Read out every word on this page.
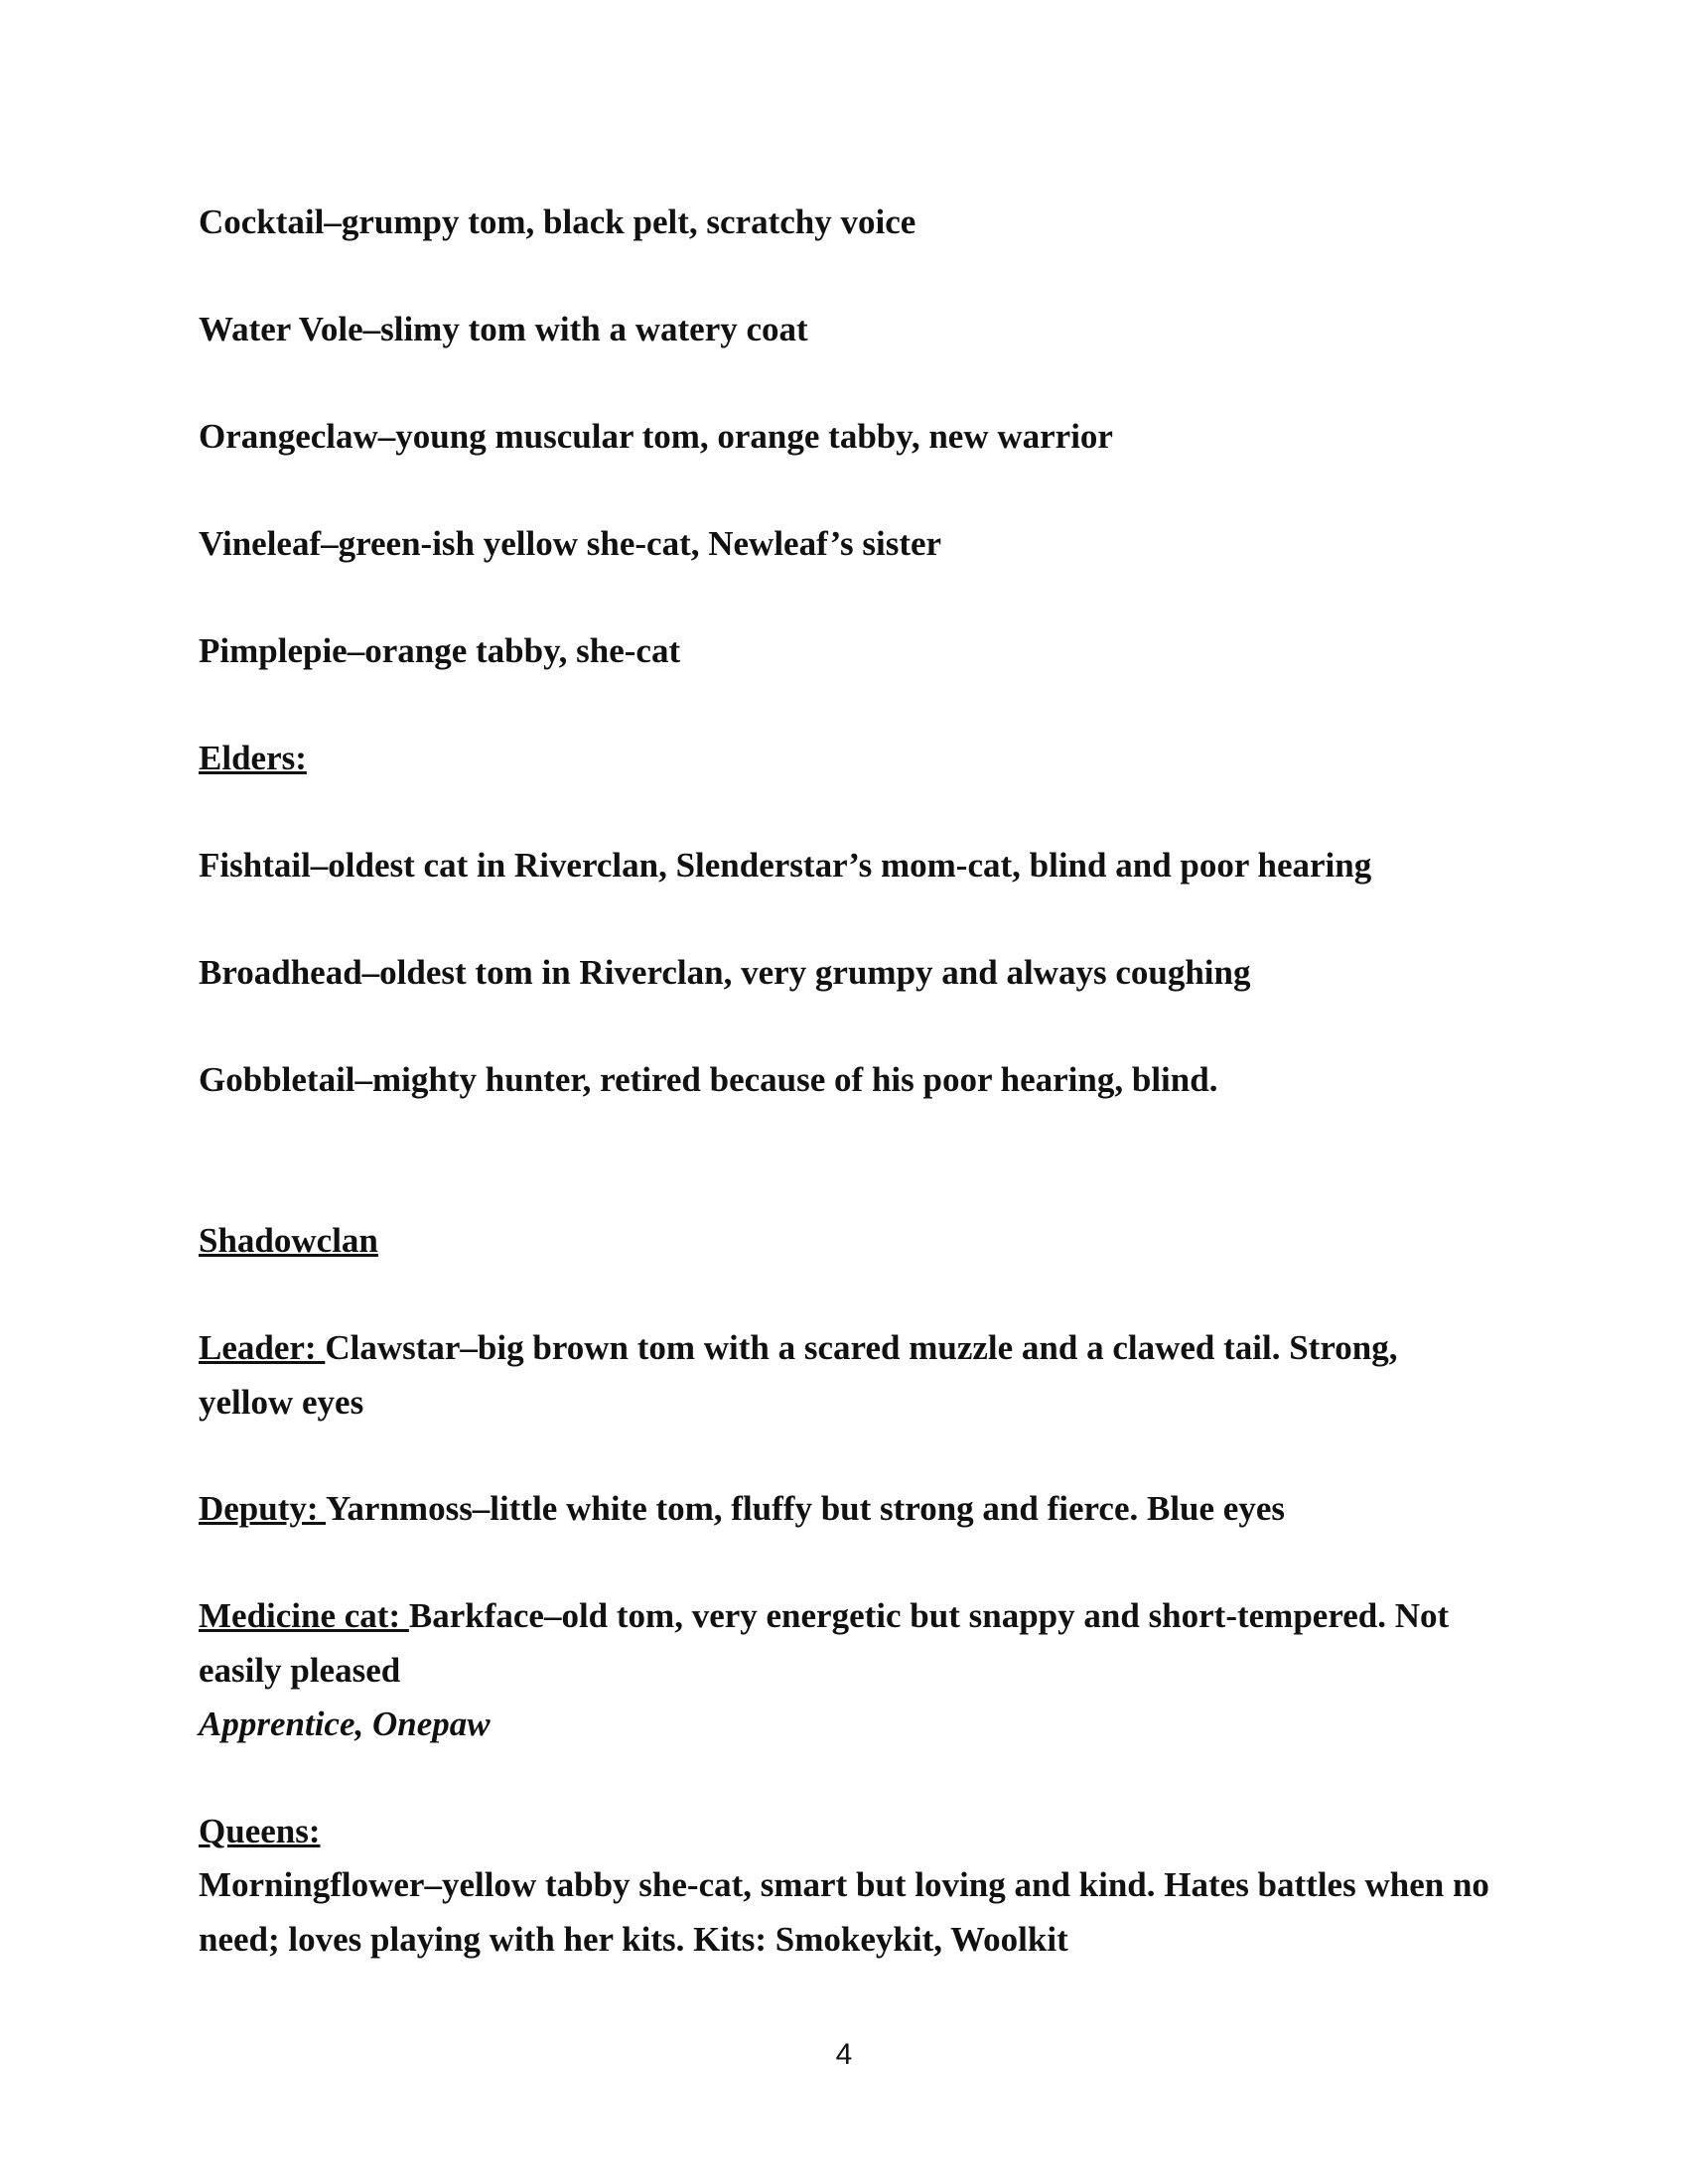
Cocktail–grumpy tom, black pelt, scratchy voice

Water Vole–slimy tom with a watery coat

Orangeclaw–young muscular tom, orange tabby, new warrior

Vineleaf–green-ish yellow she-cat, Newleaf’s sister

Pimplepie–orange tabby, she-cat

Elders:

Fishtail–oldest cat in Riverclan, Slenderstar’s mom-cat, blind and poor hearing

Broadhead–oldest tom in Riverclan, very grumpy and always coughing

Gobbletail–mighty hunter, retired because of his poor hearing, blind.

Shadowclan

Leader: Clawstar–big brown tom with a scared muzzle and a clawed tail. Strong, yellow eyes

Deputy: Yarnmoss–little white tom, fluffy but strong and fierce. Blue eyes

Medicine cat: Barkface–old tom, very energetic but snappy and short-tempered. Not easily pleased

Apprentice, Onepaw

Queens:

Morningflower–yellow tabby she-cat, smart but loving and kind. Hates battles when no need; loves playing with her kits. Kits: Smokeykit, Woolkit

4
